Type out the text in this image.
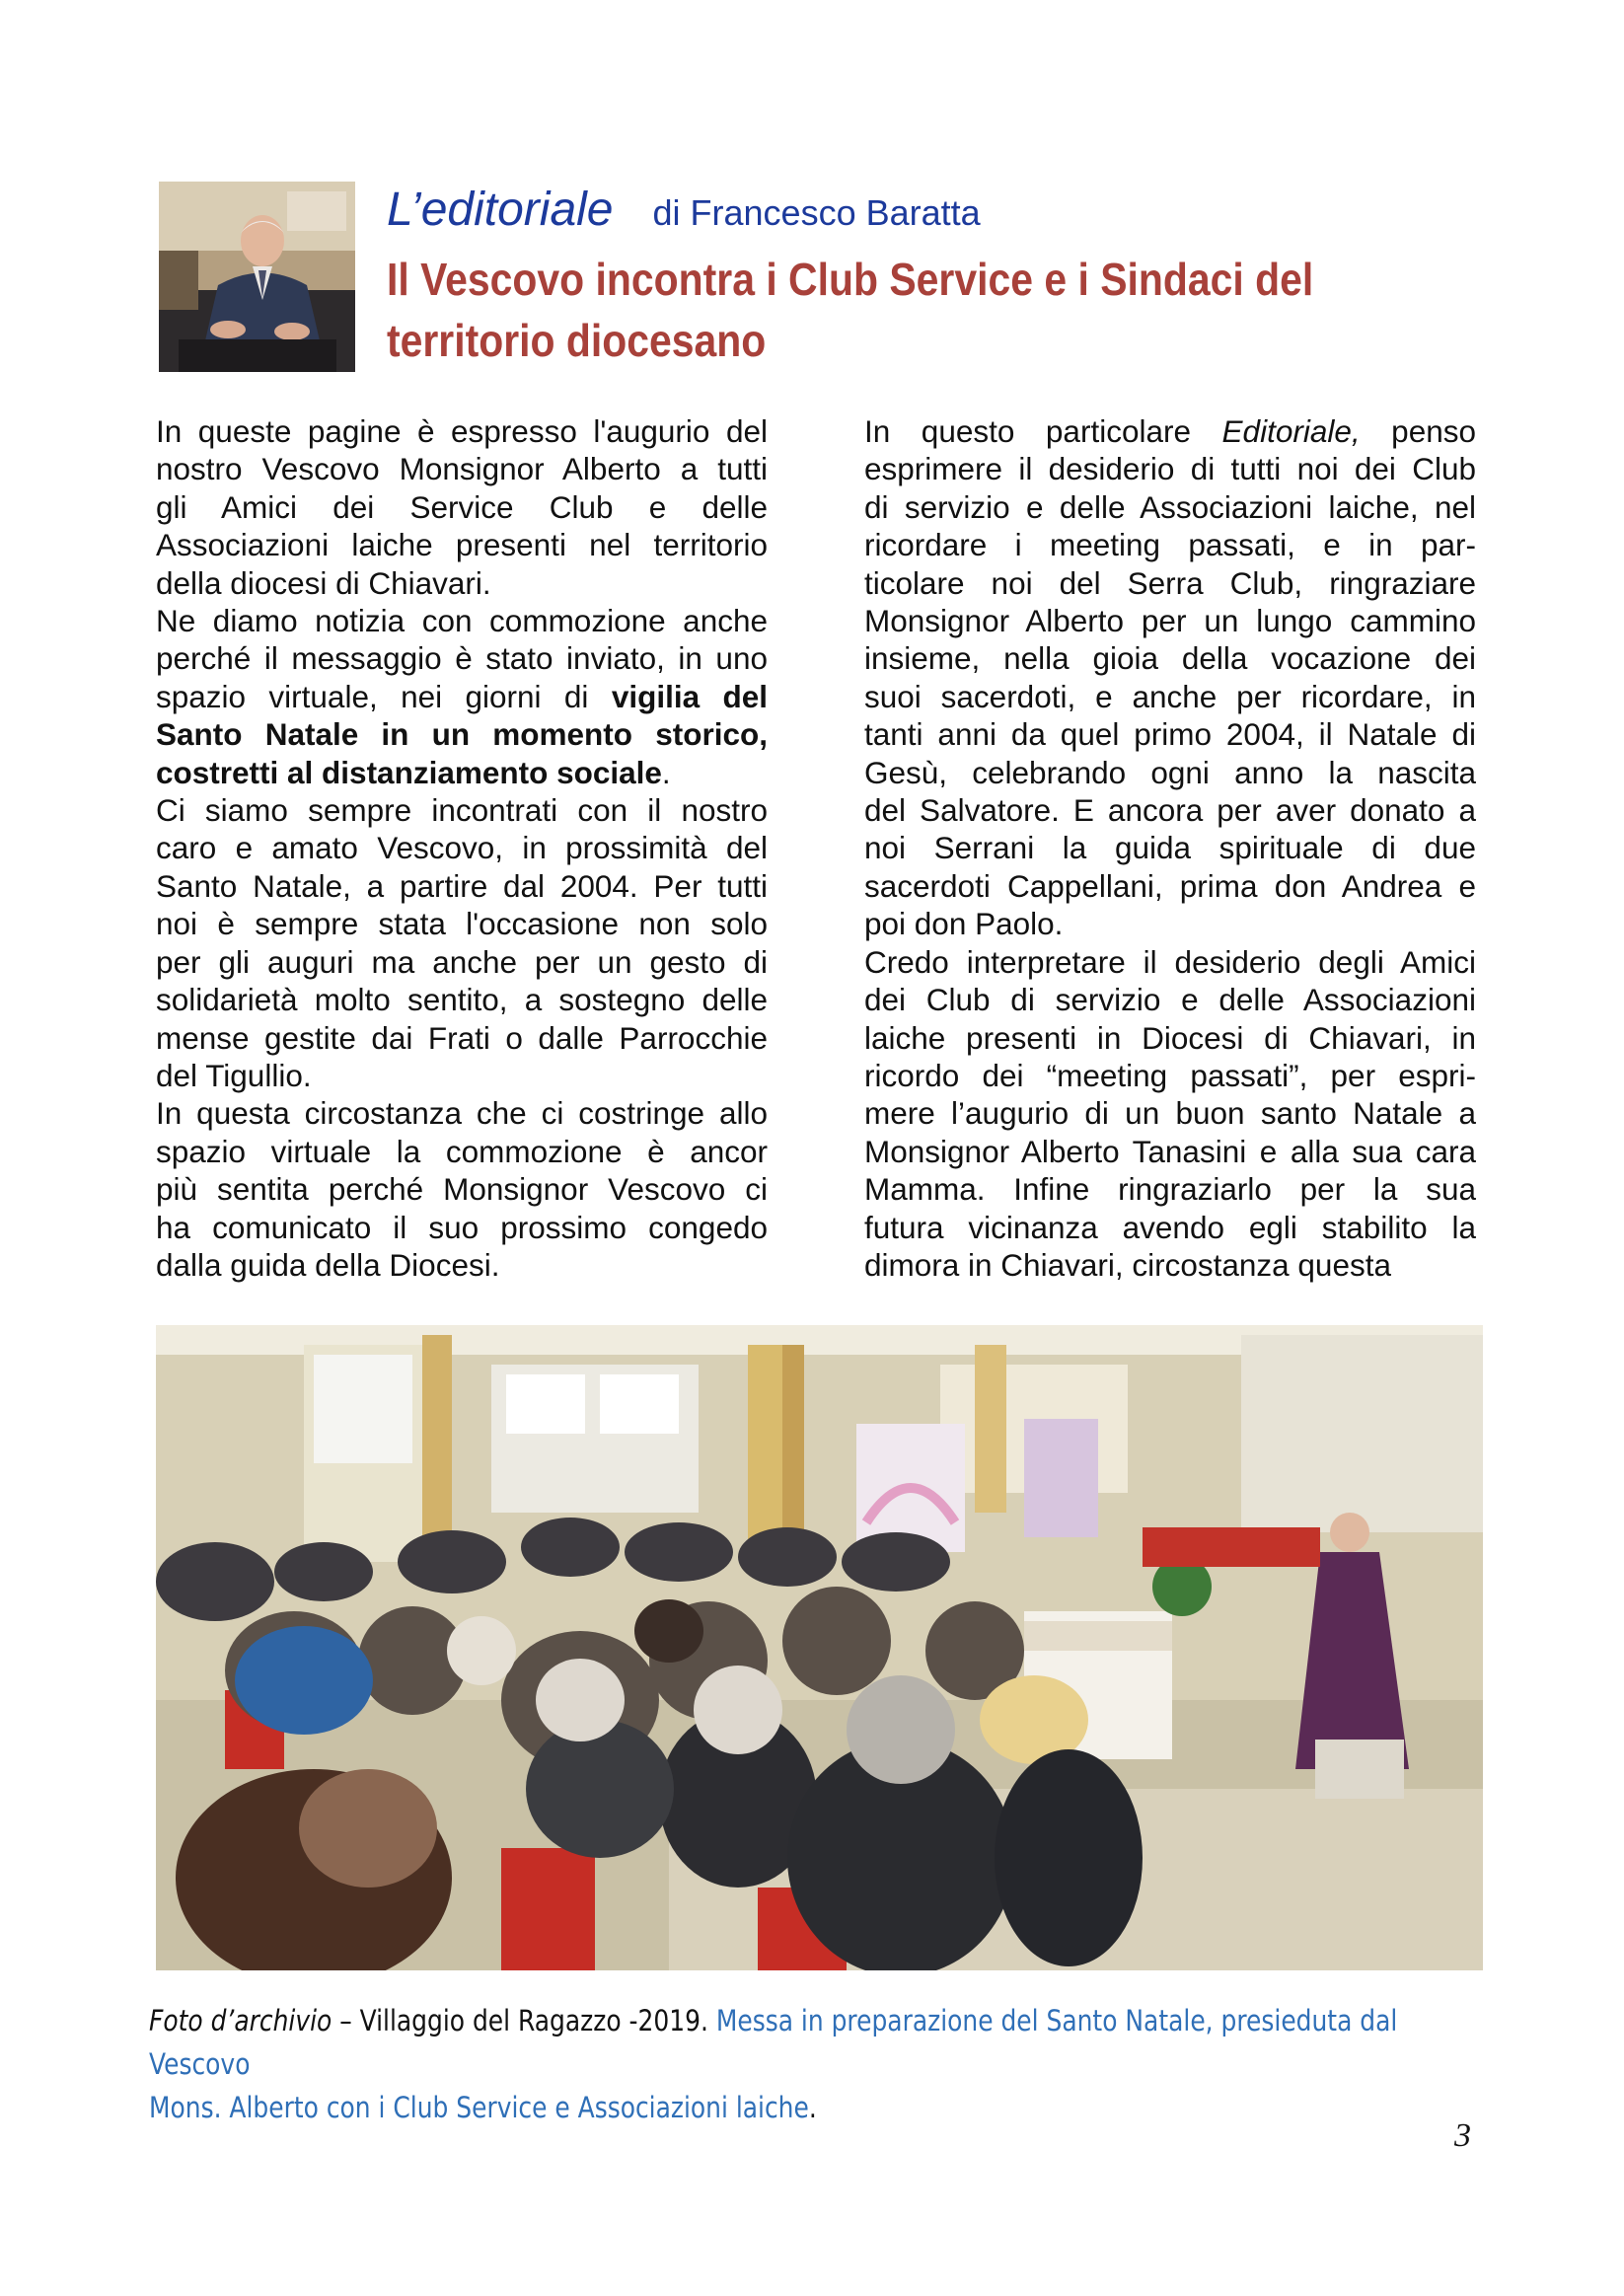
L’editoriale di Francesco Baratta
Il Vescovo incontra i Club Service e i Sindaci del
territorio diocesano
In queste pagine è espresso l'augurio del
nostro Vescovo Monsignor Alberto a tutti
gli Amici dei Service Club e delle
Associazioni laiche presenti nel territorio
della diocesi di Chiavari.
Ne diamo notizia con commozione anche
perché il messaggio è stato inviato, in uno
spazio virtuale, nei giorni di vigilia del
Santo Natale in un momento storico,
costretti al distanziamento sociale.
Ci siamo sempre incontrati con il nostro
caro e amato Vescovo, in prossimità del
Santo Natale, a partire dal 2004. Per tutti
noi è sempre stata l'occasione non solo
per gli auguri ma anche per un gesto di
solidarietà molto sentito, a sostegno delle
mense gestite dai Frati o dalle Parrocchie
del Tigullio.
In questa circostanza che ci costringe allo
spazio virtuale la commozione è ancor
più sentita perché Monsignor Vescovo ci
ha comunicato il suo prossimo congedo
dalla guida della Diocesi.
In questo particolare Editoriale, penso
esprimere il desiderio di tutti noi dei Club
di servizio e delle Associazioni laiche, nel
ricordare i meeting passati, e in par-
ticolare noi del Serra Club, ringraziare
Monsignor Alberto per un lungo cammino
insieme, nella gioia della vocazione dei
suoi sacerdoti, e anche per ricordare, in
tanti anni da quel primo 2004, il Natale di
Gesù, celebrando ogni anno la nascita
del Salvatore. E ancora per aver donato a
noi Serrani la guida spirituale di due
sacerdoti Cappellani, prima don Andrea e
poi don Paolo.
Credo interpretare il desiderio degli Amici
dei Club di servizio e delle Associazioni
laiche presenti in Diocesi di Chiavari, in
ricordo dei “meeting passati”, per espri-
mere l’augurio di un buon santo Natale a
Monsignor Alberto Tanasini e alla sua cara
Mamma. Infine ringraziarlo per la sua
futura vicinanza avendo egli stabilito la
dimora in Chiavari, circostanza questa
Foto d’archivio – Villaggio del Ragazzo -2019. Messa in preparazione del Santo Natale, presieduta dal Vescovo
Mons. Alberto con i Club Service e Associazioni laiche.
3
